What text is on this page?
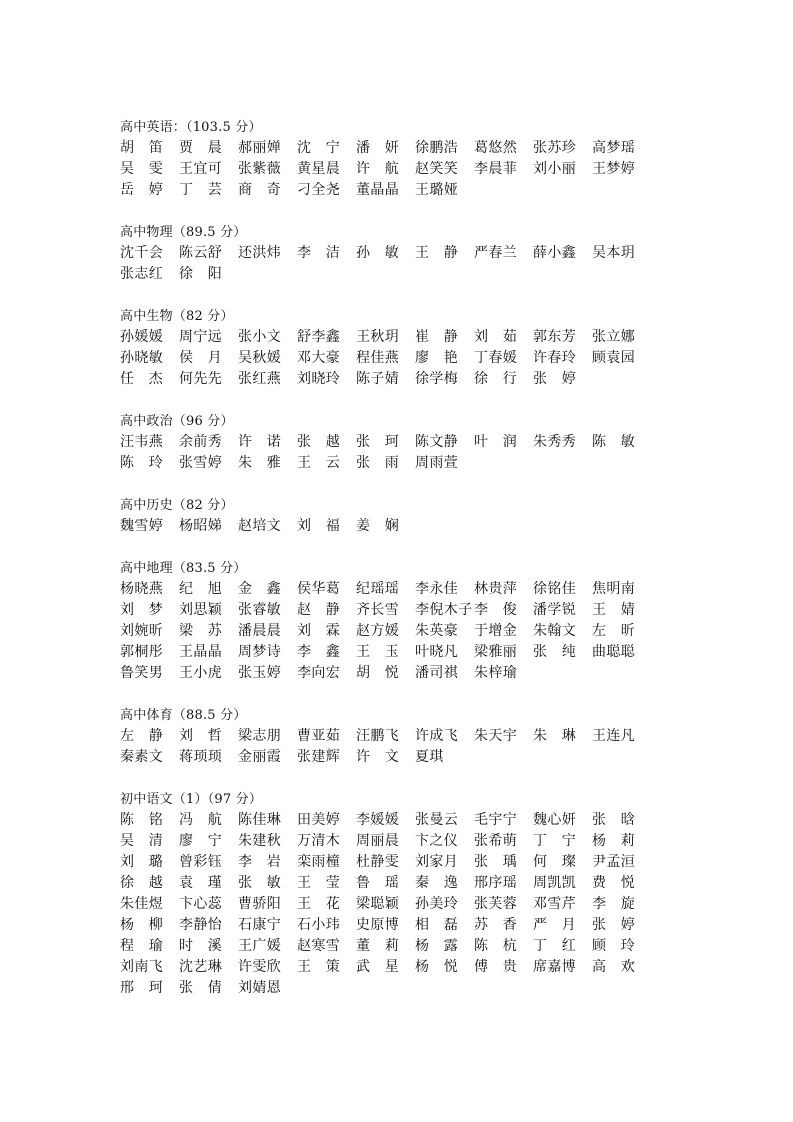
高中英语：（103.5 分）
胡　笛	贾　晨	郝丽婵	沈　宁	潘　妍	徐鹏浩	葛悠然	张苏珍	高梦瑶
吴　雯	王宜可	张紫薇	黄星晨	许　航	赵笑笑	李晨菲	刘小丽	王梦婷
岳　婷	丁　芸	商　奇	刁全尧	董晶晶	王璐娅
高中物理（89.5 分）
沈千会	陈云舒	还洪炜	李　洁	孙　敏	王　静	严春兰	薛小鑫	吴本玥
张志红	徐　阳
高中生物（82 分）
孙媛媛	周宁远	张小文	舒李鑫	王秋玥	崔　静	刘　茹	郭东芳	张立娜
孙晓敏	侯　月	吴秋媛	邓大豪	程佳燕	廖　艳	丁春媛	许春玲	顾袁园
任　杰	何先先	张红燕	刘晓玲	陈子婧	徐学梅	徐　行	张　婷
高中政治（96 分）
汪韦燕	余前秀	许　诺	张　越	张　珂	陈文静	叶　润	朱秀秀	陈　敏
陈　玲	张雪婷	朱　雅	王　云	张　雨	周雨萱
高中历史（82 分）
魏雪婷	杨昭娣	赵培文	刘　福	姜　娴
高中地理（83.5 分）
杨晓燕	纪　旭	金　鑫	侯华葛	纪瑶瑶	李永佳	林贵萍	徐铭佳	焦明南
刘　梦	刘思颖	张睿敏	赵　静	齐长雪	李倪木子 李　俊	潘学锐	王　婧
刘婉昕	梁　苏	潘晨晨	刘　霖	赵方媛	朱英豪	于增金	朱翰文	左　昕
郭桐彤	王晶晶	周梦诗	李　鑫	王　玉	叶晓凡	梁雅丽	张　纯	曲聪聪
鲁笑男	王小虎	张玉婷	李向宏	胡　悦	潘司祺	朱梓瑜
高中体育（88.5 分）
左　静	刘　哲	梁志朋	曹亚茹	汪鹏飞	许成飞	朱天宇	朱　琳	王连凡
秦素文	蒋顼顼	金丽霞	张建辉	许　文	夏琪
初中语文（1）（97 分）
陈　铭	冯　航	陈佳琳	田美婷	李媛媛	张曼云	毛宇宁	魏心妍	张　晗
吴　清	廖　宁	朱建秋	万清木	周丽晨	卞之仪	张希萌	丁　宁	杨　莉
刘　璐	曾彩钰	李　岩	栾雨橦	杜静雯	刘家月	张　瑀	何　璨	尹孟洹
徐　越	袁　瑾	张　敏	王　莹	鲁　瑶	秦　逸	邢序瑶	周凯凯	费　悦
朱佳煜	卞心蕊	曹骄阳	王　花	梁聪颖	孙美玲	张芙蓉	邓雪芹	李　旋
杨　柳	李静怡	石康宁	石小玮	史原博	相　磊	苏　香	严　月	张　婷
程　瑜	时　溪	王广媛	赵寒雪	董　莉	杨　露	陈　杭	丁　红	顾　玲
刘南飞	沈艺琳	许雯欣	王　策	武　星	杨　悦	傅　贵	席嘉博	高　欢
邢　珂	张　倩	刘婧恩
